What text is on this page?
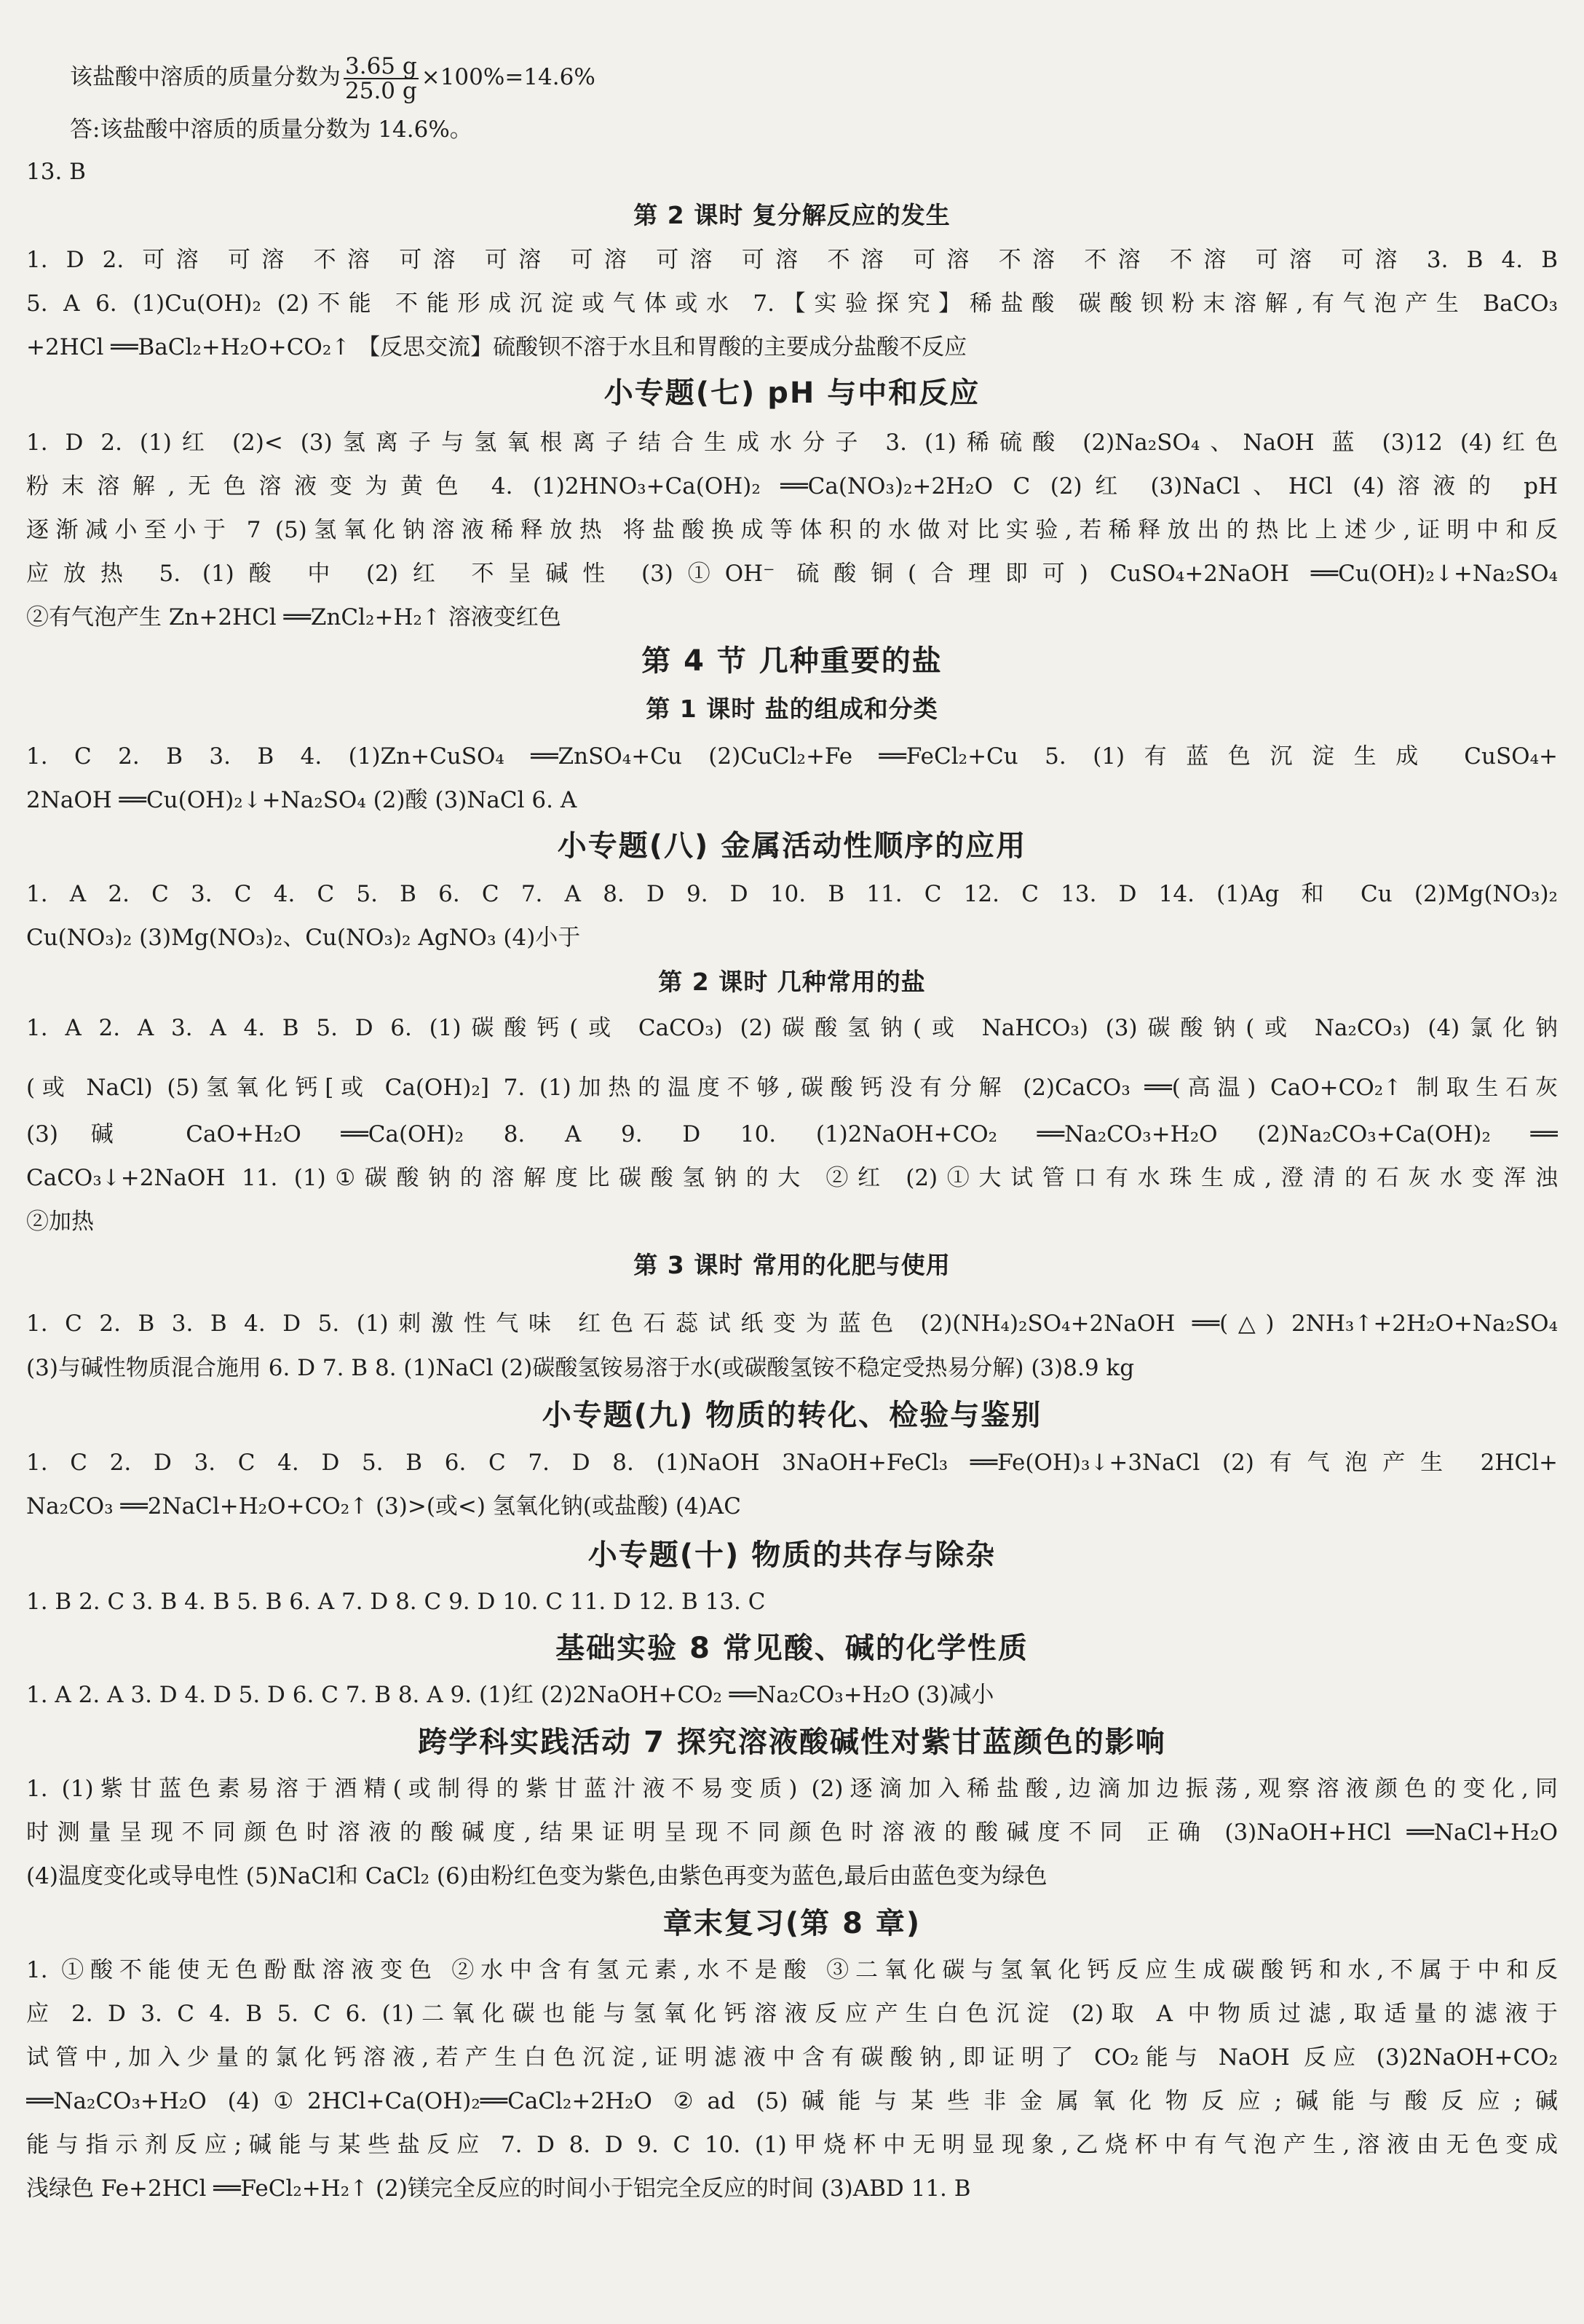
该盐酸中溶质的质量分数为 $\frac{3.65 g}{25.0 g} \times 100\%=14.6\%$
答:该盐酸中溶质的质量分数为 14.6%。
13. B
第 2 课时 复分解反应的发生
1. D 2. 可溶 可溶 不溶 可溶 可溶 可溶 可溶 可溶 不溶 可溶 不溶 不溶 不溶 可溶 可溶 3. B 4. B
5. A 6. (1)Cu(OH)₂ (2)不能 不能形成沉淀或气体或水 7.【实验探究】稀盐酸 碳酸钡粉末溶解,有气泡产生 BaCO₃
+2HCl ══BaCl₂+H₂O+CO₂↑ 【反思交流】硫酸钡不溶于水且和胃酸的主要成分盐酸不反应
小专题(七) pH 与中和反应
1. D 2. (1)红 (2)< (3)氢离子与氢氧根离子结合生成水分子 3. (1)稀硫酸 (2)Na₂SO₄、NaOH 蓝 (3)12 (4)红色
粉末溶解,无色溶液变为黄色 4. (1)2HNO₃+Ca(OH)₂ ══Ca(NO₃)₂+2H₂O C (2)红 (3)NaCl、HCl (4)溶液的 pH
逐渐减小至小于 7 (5)氢氧化钠溶液稀释放热 将盐酸换成等体积的水做对比实验,若稀释放出的热比上述少,证明中和反
应放热 5. (1)酸 中 (2)红 不呈碱性 (3)①OH⁻ 硫酸铜(合理即可) CuSO₄+2NaOH ══Cu(OH)₂↓+Na₂SO₄
②有气泡产生 Zn+2HCl ══ZnCl₂+H₂↑ 溶液变红色
第 4 节 几种重要的盐
第 1 课时 盐的组成和分类
1. C 2. B 3. B 4. (1)Zn+CuSO₄ ══ZnSO₄+Cu (2)CuCl₂+Fe ══FeCl₂+Cu 5. (1)有蓝色沉淀生成 CuSO₄+
2NaOH ══Cu(OH)₂↓+Na₂SO₄ (2)酸 (3)NaCl 6. A
小专题(八) 金属活动性顺序的应用
1. A 2. C 3. C 4. C 5. B 6. C 7. A 8. D 9. D 10. B 11. C 12. C 13. D 14. (1)Ag 和 Cu (2)Mg(NO₃)₂
Cu(NO₃)₂ (3)Mg(NO₃)₂、Cu(NO₃)₂ AgNO₃ (4)小于
第 2 课时 几种常用的盐
1. A 2. A 3. A 4. B 5. D 6. (1)碳酸钙(或 CaCO₃) (2)碳酸氢钠(或 NaHCO₃) (3)碳酸钠(或 Na₂CO₃) (4)氯化钠
(或 NaCl) (5)氢氧化钙[或 Ca(OH)₂] 7. (1)加热的温度不够,碳酸钙没有分解 (2)CaCO₃ ══(高温) CaO+CO₂↑ 制取生石灰
(3)碱 CaO+H₂O ══Ca(OH)₂ 8. A 9. D 10. (1)2NaOH+CO₂ ══Na₂CO₃+H₂O (2)Na₂CO₃+Ca(OH)₂ ══
CaCO₃↓+2NaOH 11. (1)①碳酸钠的溶解度比碳酸氢钠的大 ②红 (2)①大试管口有水珠生成,澄清的石灰水变浑浊
②加热
第 3 课时 常用的化肥与使用
1. C 2. B 3. B 4. D 5. (1)刺激性气味 红色石蕊试纸变为蓝色 (2)(NH₄)₂SO₄+2NaOH ══(△) 2NH₃↑+2H₂O+Na₂SO₄
(3)与碱性物质混合施用 6. D 7. B 8. (1)NaCl (2)碳酸氢铵易溶于水(或碳酸氢铵不稳定受热易分解) (3)8.9 kg
小专题(九) 物质的转化、检验与鉴别
1. C 2. D 3. C 4. D 5. B 6. C 7. D 8. (1)NaOH 3NaOH+FeCl₃ ══Fe(OH)₃↓+3NaCl (2)有气泡产生 2HCl+
Na₂CO₃ ══2NaCl+H₂O+CO₂↑ (3)>(或<) 氢氧化钠(或盐酸) (4)AC
小专题(十) 物质的共存与除杂
1. B 2. C 3. B 4. B 5. B 6. A 7. D 8. C 9. D 10. C 11. D 12. B 13. C
基础实验 8 常见酸、碱的化学性质
1. A 2. A 3. D 4. D 5. D 6. C 7. B 8. A 9. (1)红 (2)2NaOH+CO₂ ══Na₂CO₃+H₂O (3)减小
跨学科实践活动 7 探究溶液酸碱性对紫甘蓝颜色的影响
1. (1)紫甘蓝色素易溶于酒精(或制得的紫甘蓝汁液不易变质) (2)逐滴加入稀盐酸,边滴加边振荡,观察溶液颜色的变化,同
时测量呈现不同颜色时溶液的酸碱度,结果证明呈现不同颜色时溶液的酸碱度不同 正确 (3)NaOH+HCl ══NaCl+H₂O
(4)温度变化或导电性 (5)NaCl和 CaCl₂ (6)由粉红色变为紫色,由紫色再变为蓝色,最后由蓝色变为绿色
章末复习(第 8 章)
1. ①酸不能使无色酚酞溶液变色 ②水中含有氢元素,水不是酸 ③二氧化碳与氢氧化钙反应生成碳酸钙和水,不属于中和反
应 2. D 3. C 4. B 5. C 6. (1)二氧化碳也能与氢氧化钙溶液反应产生白色沉淀 (2)取 A 中物质过滤,取适量的滤液于
试管中,加入少量的氯化钙溶液,若产生白色沉淀,证明滤液中含有碳酸钠,即证明了 CO₂能与 NaOH 反应 (3)2NaOH+CO₂
══Na₂CO₃+H₂O (4)①2HCl+Ca(OH)₂══CaCl₂+2H₂O ②ad (5)碱能与某些非金属氧化物反应;碱能与酸反应;碱
能与指示剂反应;碱能与某些盐反应 7. D 8. D 9. C 10. (1)甲烧杯中无明显现象,乙烧杯中有气泡产生,溶液由无色变成
浅绿色 Fe+2HCl ══FeCl₂+H₂↑ (2)镁完全反应的时间小于铝完全反应的时间 (3)ABD 11. B
